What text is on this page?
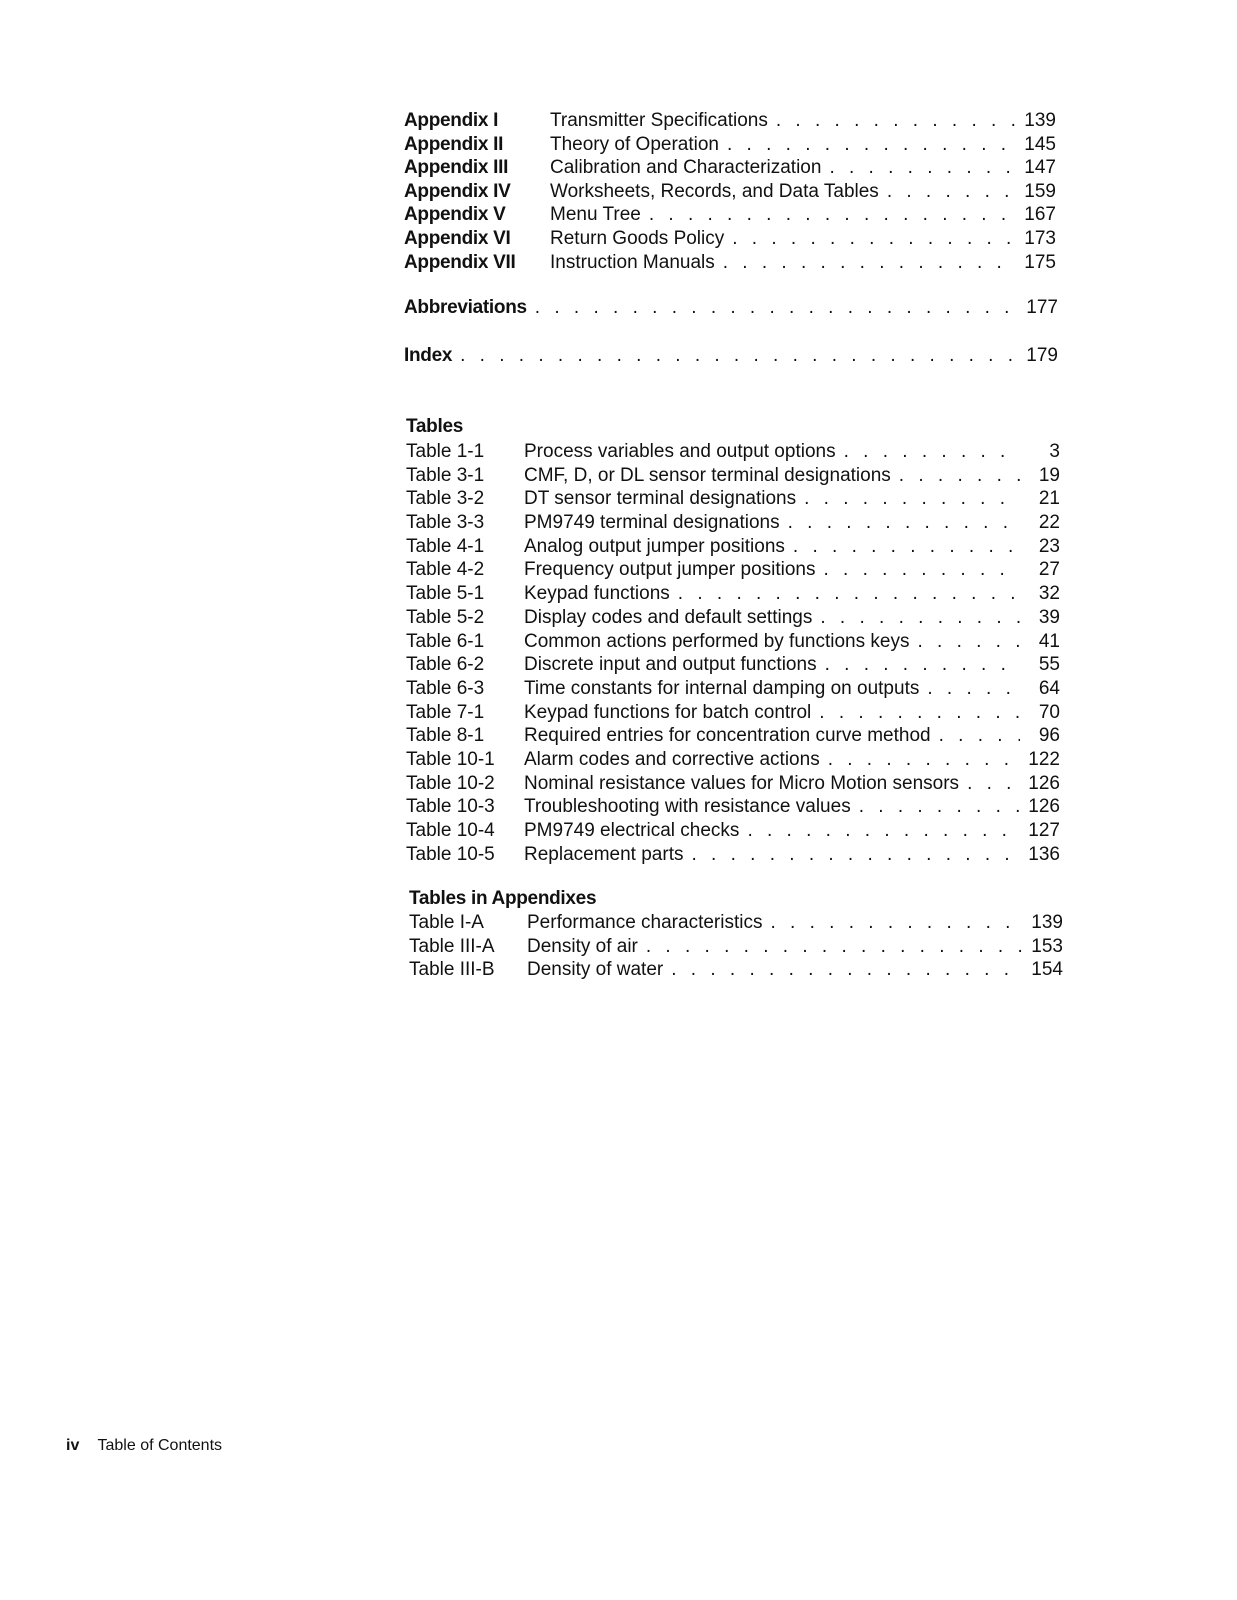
Appendix I	Transmitter Specifications . . .	139
Appendix II	Theory of Operation . . .	145
Appendix III	Calibration and Characterization . . .	147
Appendix IV	Worksheets, Records, and Data Tables . . .	159
Appendix V	Menu Tree . . .	167
Appendix VI	Return Goods Policy . . .	173
Appendix VII	Instruction Manuals . . .	175
Abbreviations . . .	177
Index . . .	179
Tables
Table 1-1	Process variables and output options . . .	3
Table 3-1	CMF, D, or DL sensor terminal designations . . .	19
Table 3-2	DT sensor terminal designations . . .	21
Table 3-3	PM9749 terminal designations . . .	22
Table 4-1	Analog output jumper positions . . .	23
Table 4-2	Frequency output jumper positions . . .	27
Table 5-1	Keypad functions . . .	32
Table 5-2	Display codes and default settings . . .	39
Table 6-1	Common actions performed by functions keys . . .	41
Table 6-2	Discrete input and output functions . . .	55
Table 6-3	Time constants for internal damping on outputs . . .	64
Table 7-1	Keypad functions for batch control . . .	70
Table 8-1	Required entries for concentration curve method . . .	96
Table 10-1	Alarm codes and corrective actions . . .	122
Table 10-2	Nominal resistance values for Micro Motion sensors . . .	126
Table 10-3	Troubleshooting with resistance values . . .	126
Table 10-4	PM9749 electrical checks . . .	127
Table 10-5	Replacement parts . . .	136
Tables in Appendixes
Table I-A	Performance characteristics . . .	139
Table III-A	Density of air . . .	153
Table III-B	Density of water . . .	154
iv Table of Contents
